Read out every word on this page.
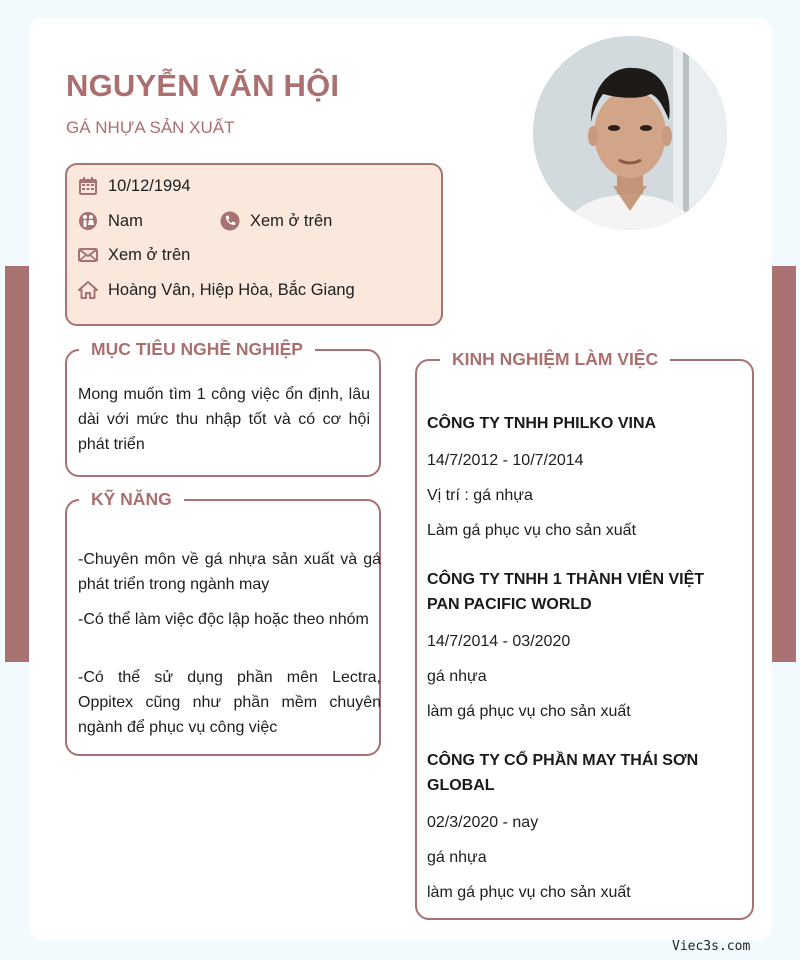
NGUYỄN VĂN HỘI
GÁ NHỰA SẢN XUẤT
10/12/1994
Nam	Xem ở trên
Xem ở trên
Hoàng Vân, Hiệp Hòa, Bắc Giang
MỤC TIÊU NGHỀ NGHIỆP
Mong muốn tìm 1 công việc ổn định, lâu dài với mức thu nhập tốt và có cơ hội phát triển
KỸ NĂNG
-Chuyên môn về gá nhựa sản xuất và gá phát triển trong ngành may
-Có thể làm việc độc lập hoặc theo nhóm
-Có thể sử dụng phần mên Lectra, Oppitex cũng như phần mềm chuyên ngành để phục vụ công việc
KINH NGHIỆM LÀM VIỆC
CÔNG TY TNHH PHILKO VINA
14/7/2012 - 10/7/2014
Vị trí : gá nhựa
Làm gá phục vụ cho sản xuất
CÔNG TY TNHH 1 THÀNH VIÊN VIỆT PAN PACIFIC WORLD
14/7/2014 - 03/2020
gá nhựa
làm gá phục vụ cho sản xuất
CÔNG TY CỔ PHẦN MAY THÁI SƠN GLOBAL
02/3/2020 - nay
gá nhựa
làm gá phục vụ cho sản xuất
Viec3s.com
